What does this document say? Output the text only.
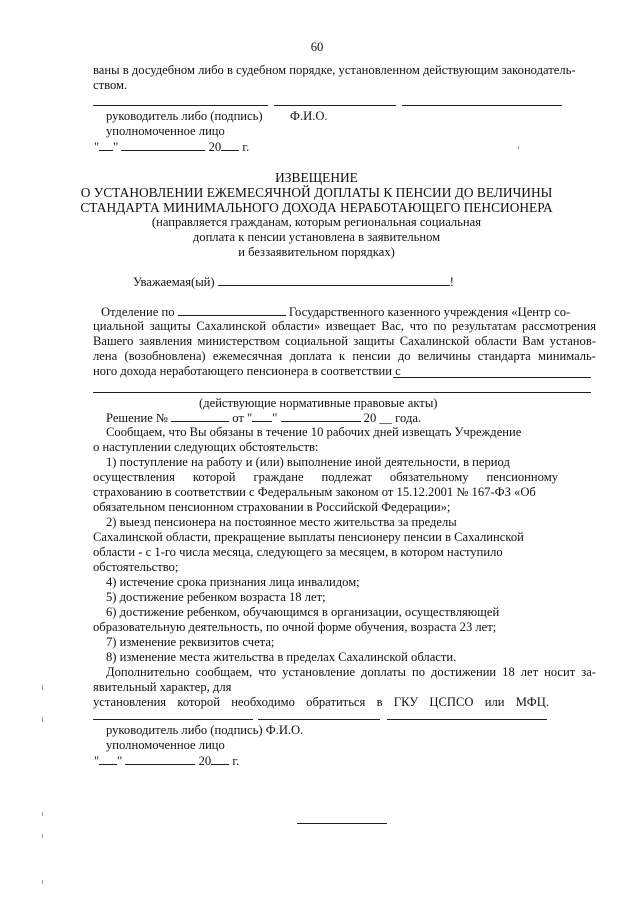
60
ваны в досудебном либо в судебном порядке, установленном действующим законодатель-
ством.
руководитель либо (подпись) Ф.И.О.
уполномоченное лицо
" "	20 г.
ИЗВЕЩЕНИЕ
О УСТАНОВЛЕНИИ ЕЖЕМЕСЯЧНОЙ ДОПЛАТЫ К ПЕНСИИ ДО ВЕЛИЧИНЫ
СТАНДАРТА МИНИМАЛЬНОГО ДОХОДА НЕРАБОТАЮЩЕГО ПЕНСИОНЕРА
(направляется гражданам, которым региональная социальная
доплата к пенсии установлена в заявительном
и беззаявительном порядках)
Уважаемая(ый)	!
Отделение по	Государственного казенного учреждения «Центр со-
циальной защиты Сахалинской области» извещает Вас, что по результатам рассмотрения
Вашего заявления министерством социальной защиты Сахалинской области Вам установ-
лена (возобновлена) ежемесячная доплата к пенсии до величины стандарта минималь-
ного дохода неработающего пенсионера в соответствии с
(действующие нормативные правовые акты)
Решение №	от " "	20 __ года.
Сообщаем, что Вы обязаны в течение 10 рабочих дней извещать Учреждение
о наступлении следующих обстоятельств:
1) поступление на работу и (или) выполнение иной деятельности, в период
осуществления которой граждане подлежат обязательному пенсионному
страхованию в соответствии с Федеральным законом от 15.12.2001 № 167-ФЗ «Об
обязательном пенсионном страховании в Российской Федерации»;
2) выезд пенсионера на постоянное место жительства за пределы
Сахалинской области, прекращение выплаты пенсионеру пенсии в Сахалинской
области - с 1-го числа месяца, следующего за месяцем, в котором наступило
обстоятельство;
4) истечение срока признания лица инвалидом;
5) достижение ребенком возраста 18 лет;
6) достижение ребенком, обучающимся в организации, осуществляющей
образовательную деятельность, по очной форме обучения, возраста 23 лет;
7) изменение реквизитов счета;
8) изменение места жительства в пределах Сахалинской области.
Дополнительно сообщаем, что установление доплаты по достижении 18 лет носит за-
явительный характер, для
установления которой необходимо обратиться в ГКУ ЦСПСО или МФЦ.
руководитель либо (подпись) Ф.И.О.
уполномоченное лицо
" "	20 г.
